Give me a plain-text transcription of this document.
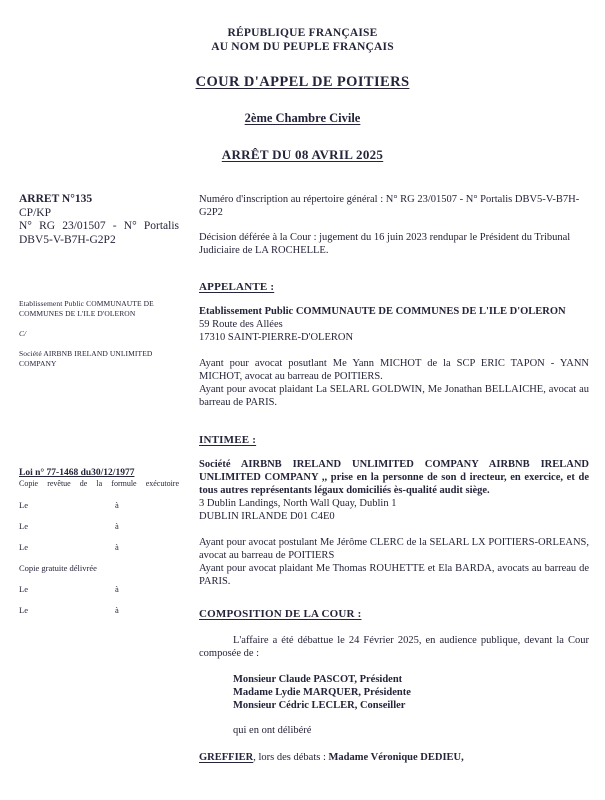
RÉPUBLIQUE FRANÇAISE
AU NOM DU PEUPLE FRANÇAIS
COUR D'APPEL DE POITIERS
2ème Chambre Civile
ARRÊT DU 08 AVRIL 2025
ARRET N°135
CP/KP
N° RG 23/01507 - N° Portalis
DBV5-V-B7H-G2P2
Etablissement Public COMMUNAUTE DE COMMUNES DE L'ILE D'OLERON
C/
Société AIRBNB IRELAND UNLIMITED COMPANY
Loi n° 77-1468 du30/12/1977
Copie revêtue de la formule exécutoire
Le	à
Le	à
Le	à
Copie gratuite délivrée
Le	à
Le	à
Numéro d'inscription au répertoire général : N° RG 23/01507 - N° Portalis DBV5-V-B7H-G2P2
Décision déférée à la Cour : jugement du 16 juin 2023 rendupar le Président du Tribunal Judiciaire de LA ROCHELLE.
APPELANTE :
Etablissement Public COMMUNAUTE DE COMMUNES DE L'ILE D'OLERON
59 Route des Allées
17310 SAINT-PIERRE-D'OLERON
Ayant pour avocat posutlant Me Yann MICHOT de la SCP ERIC TAPON - YANN MICHOT, avocat au barreau de POITIERS.
Ayant pour avocat plaidant La SELARL GOLDWIN, Me Jonathan BELLAICHE, avocat au barreau de PARIS.
INTIMEE :
Société AIRBNB IRELAND UNLIMITED COMPANY AIRBNB IRELAND UNLIMITED COMPANY ,, prise en la personne de son d irecteur, en exercice, et de tous autres représentants légaux domiciliés ès-qualité audit siège.
3 Dublin Landings, North Wall Quay, Dublin 1
DUBLIN IRLANDE D01 C4E0
Ayant pour avocat postulant Me Jérôme CLERC de la SELARL LX POITIERS-ORLEANS, avocat au barreau de POITIERS
Ayant pour avocat plaidant Me Thomas ROUHETTE et Ela BARDA, avocats au barreau de PARIS.
COMPOSITION DE LA COUR :
L'affaire a été débattue le 24 Février 2025, en audience publique, devant la Cour composée de :
Monsieur Claude PASCOT, Président
Madame Lydie MARQUER, Présidente
Monsieur Cédric LECLER, Conseiller
qui en ont délibéré
GREFFIER, lors des débats : Madame Véronique DEDIEU,
